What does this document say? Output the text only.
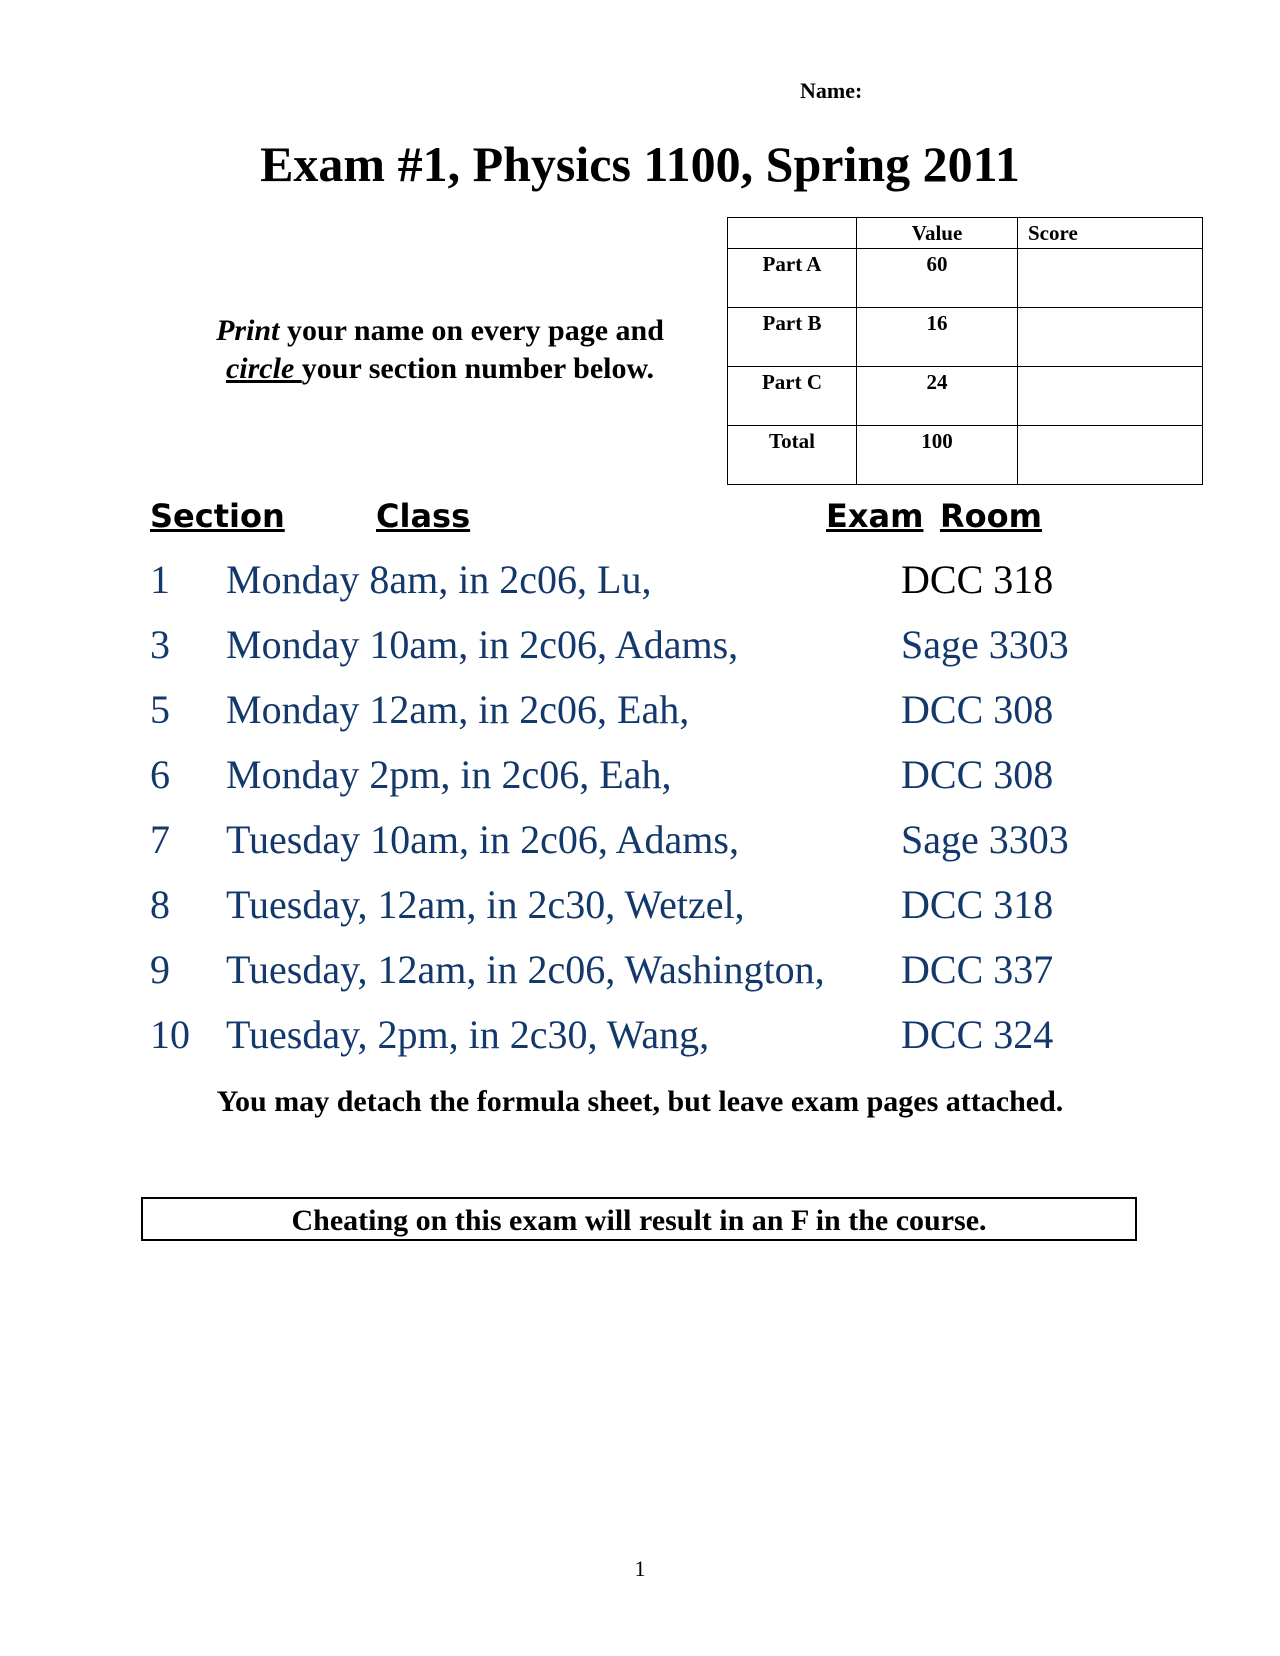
Name:
Exam #1, Physics 1100, Spring 2011
Print your name on every page and
circle your section number below.
	Value	Score
Part A	60	
Part B	16	
Part C	24	
Total	100	
Section	Class	Exam Room
1 Monday 8am, in 2c06, Lu,	DCC 318
3 Monday 10am, in 2c06, Adams,	Sage 3303
5 Monday 12am, in 2c06, Eah,	DCC 308
6 Monday 2pm, in 2c06, Eah,	DCC 308
7 Tuesday 10am, in 2c06, Adams,	Sage 3303
8 Tuesday, 12am, in 2c30, Wetzel,	DCC 318
9 Tuesday, 12am, in 2c06, Washington, DCC 337
10 Tuesday, 2pm, in 2c30, Wang,	DCC 324
You may detach the formula sheet, but leave exam pages attached.
Cheating on this exam will result in an F in the course.
1
